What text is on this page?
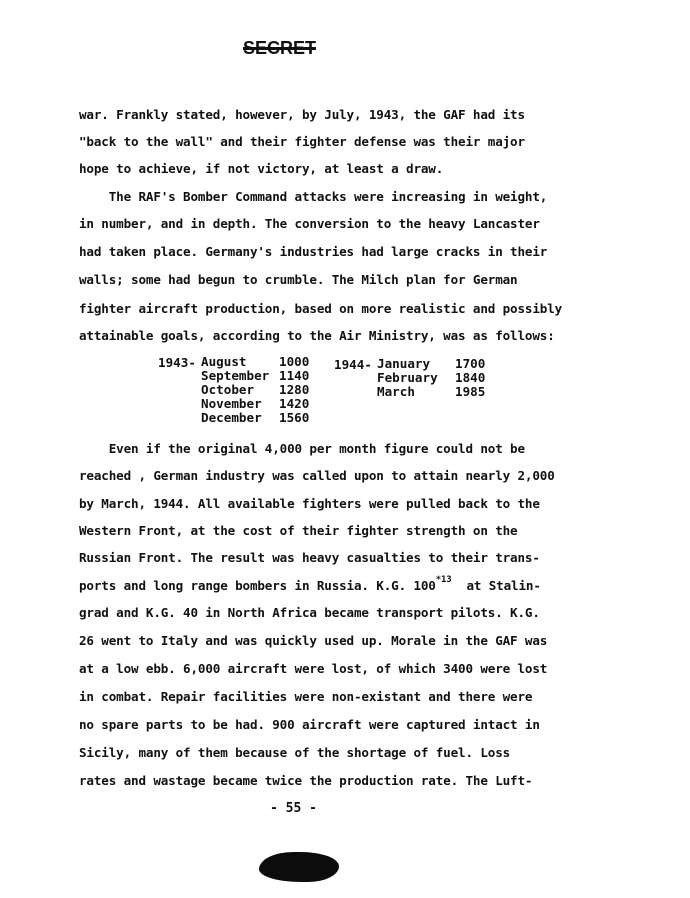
SECRET
war. Frankly stated, however, by July, 1943, the GAF had its
"back to the wall" and their fighter defense was their major
hope to achieve, if not victory, at least a draw.
The RAF's Bomber Command attacks were increasing in weight,
in number, and in depth. The conversion to the heavy Lancaster
had taken place. Germany's industries had large cracks in their
walls; some had begun to crumble. The Milch plan for German
fighter aircraft production, based on more realistic and possibly
attainable goals, according to the Air Ministry, was as follows:
1943- August	1000
September 1140
October 1280
November 1420
December 1560
1944- January 1700
February 1840
March	1985
Even if the original 4,000 per month figure could not be
reached , German industry was called upon to attain nearly 2,000
by March, 1944. All available fighters were pulled back to the
Western Front, at the cost of their fighter strength on the
Russian Front. The result was heavy casualties to their trans-
ports and long range bombers in Russia. K.G. 100$^{*13}$ at Stalin-
grad and K.G. 40 in North Africa became transport pilots. K.G.
26 went to Italy and was quickly used up. Morale in the GAF was
at a low ebb. 6,000 aircraft were lost, of which 3400 were lost
in combat. Repair facilities were non-existant and there were
no spare parts to be had. 900 aircraft were captured intact in
Sicily, many of them because of the shortage of fuel. Loss
rates and wastage became twice the production rate. The Luft-
- 55 -
